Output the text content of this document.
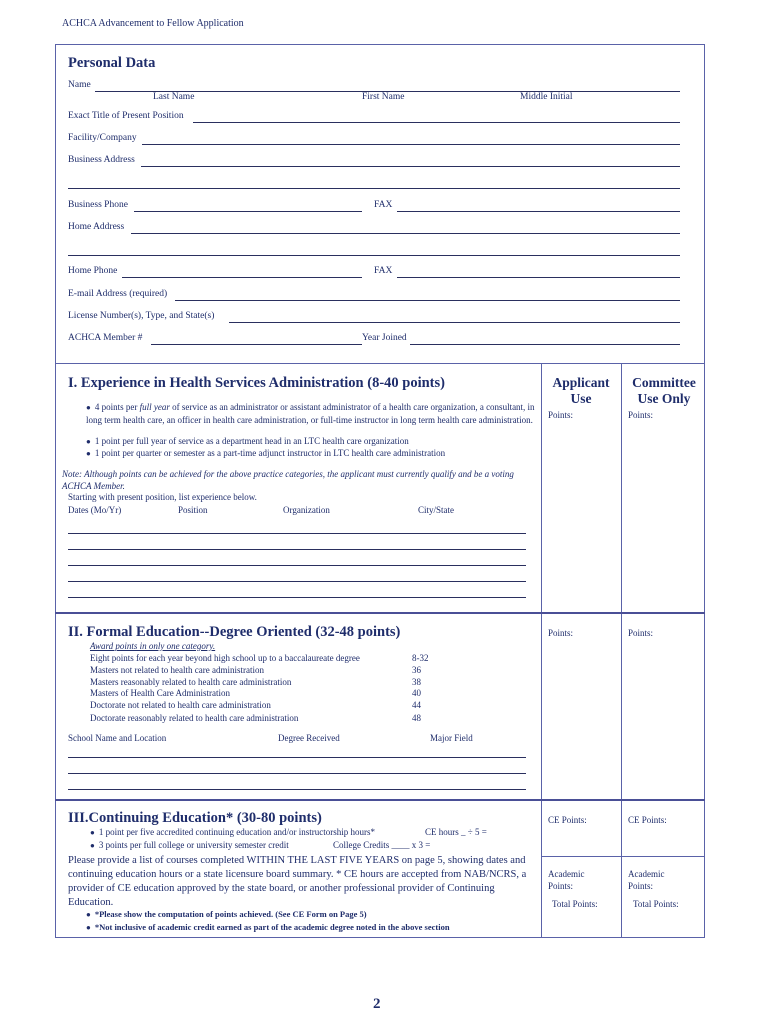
ACHCA Advancement to Fellow Application
Personal Data
Name
Last Name	First Name	Middle Initial
Exact Title of Present Position
Facility/Company
Business Address
Business Phone	FAX
Home Address
Home Phone	FAX
E-mail Address (required)
License Number(s), Type, and State(s)
ACHCA Member #	Year Joined
Applicant Use
Committee Use Only
Points:	Points:
I. Experience in Health Services Administration (8-40 points)
● 4 points per full year of service as an administrator or assistant administrator of a health care organization, a consultant, in long term health care, an officer in health care administration, or full-time instructor in long term health care administration.
● 1 point per full year of service as a department head in an LTC health care organization
● 1 point per quarter or semester as a part-time adjunct instructor in LTC health care administration
Note: Although points can be achieved for the above practice categories, the applicant must currently qualify and be a voting ACHCA Member.
Starting with present position, list experience below.
Dates (Mo/Yr)	Position	Organization	City/State
II. Formal Education--Degree Oriented (32-48 points)	Points:	Points:
Award points in only one category.
Eight points for each year beyond high school up to a baccalaureate degree	8-32
Masters not related to health care administration	36
Masters reasonably related to health care administration	38
Masters of Health Care Administration	40
Doctorate not related to health care administration	44
Doctorate reasonably related to health care administration	48
School Name and Location	Degree Received	Major Field
III.Continuing Education* (30-80 points)	CE Points:	CE Points:
● 1 point per five accredited continuing education and/or instructorship hours*	CE hours _ ÷ 5 =
● 3 points per full college or university semester credit	College Credits ____ x 3 =
Please provide a list of courses completed WITHIN THE LAST FIVE YEARS on page 5, showing dates and continuing education hours or a state licensure board summary. * CE hours are accepted from NAB/NCRS, a provider of CE education approved by the state board, or another professional provider of Continuing Education.
● *Please show the computation of points achieved. (See CE Form on Page 5)
● *Not inclusive of academic credit earned as part of the academic degree noted in the above section
Academic Points:
Academic Points:
Total Points:	Total Points:
2
